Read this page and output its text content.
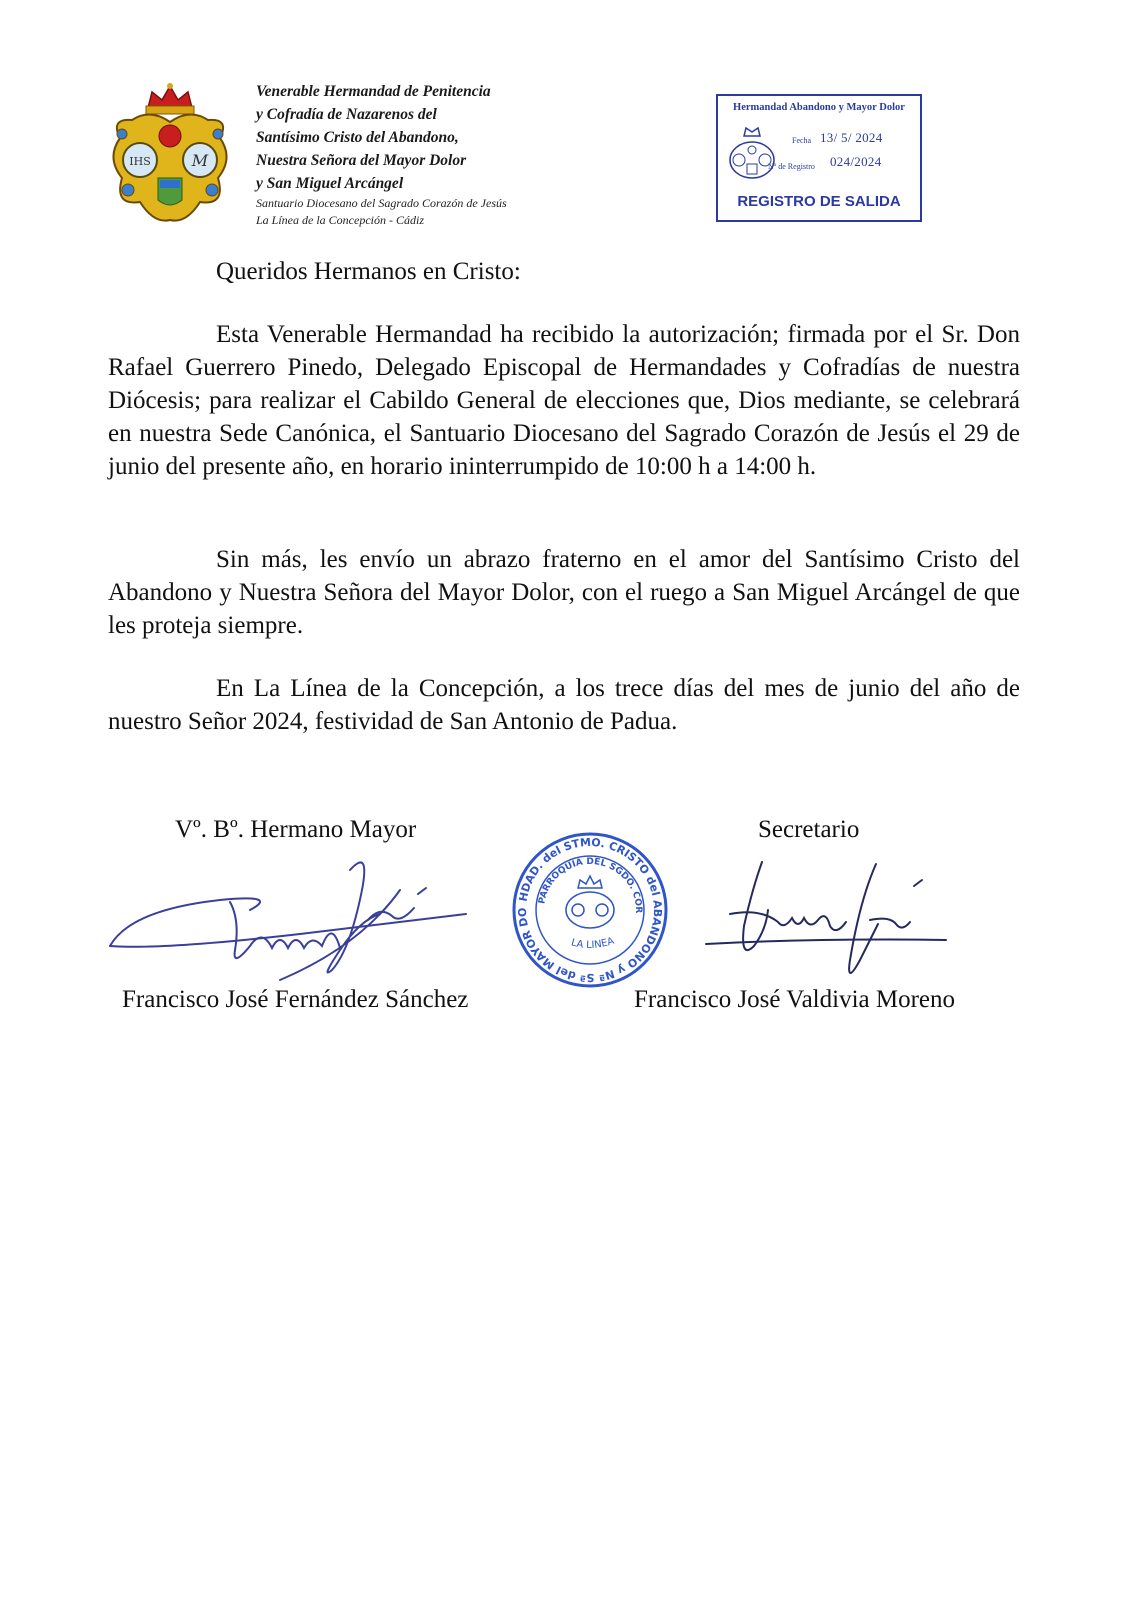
IHS	M
Venerable Hermandad de Penitencia
y Cofradía de Nazarenos del
Santísimo Cristo del Abandono,
Nuestra Señora del Mayor Dolor
y San Miguel Arcángel
Santuario Diocesano del Sagrado Corazón de Jesús
La Línea de la Concepción - Cádiz
Hermandad Abandono y Mayor Dolor
Fecha 13/ 5/ 2024
Nº de Registro 024/2024
REGISTRO DE SALIDA
Queridos Hermanos en Cristo:
Esta Venerable Hermandad ha recibido la autorización; firmada por el Sr. Don Rafael Guerrero Pinedo, Delegado Episcopal de Hermandades y Cofradías de nuestra Diócesis; para realizar el Cabildo General de elecciones que, Dios mediante, se celebrará en nuestra Sede Canónica, el Santuario Diocesano del Sagrado Corazón de Jesús el 29 de junio del presente año, en horario ininterrumpido de 10:00 h a 14:00 h.
Sin más, les envío un abrazo fraterno en el amor del Santísimo Cristo del Abandono y Nuestra Señora del Mayor Dolor, con el ruego a San Miguel Arcángel de que les proteja siempre.
En La Línea de la Concepción, a los trece días del mes de junio del año de nuestro Señor 2024, festividad de San Antonio de Padua.
Vº. Bº. Hermano Mayor	Secretario
HDAD. del STMO. CRISTO del ABANDONO y Nª Sª del MAYOR DO
PARROQUIA DEL SGDO. COR
LA LINEA
Francisco José Fernández Sánchez	Francisco José Valdivia Moreno
